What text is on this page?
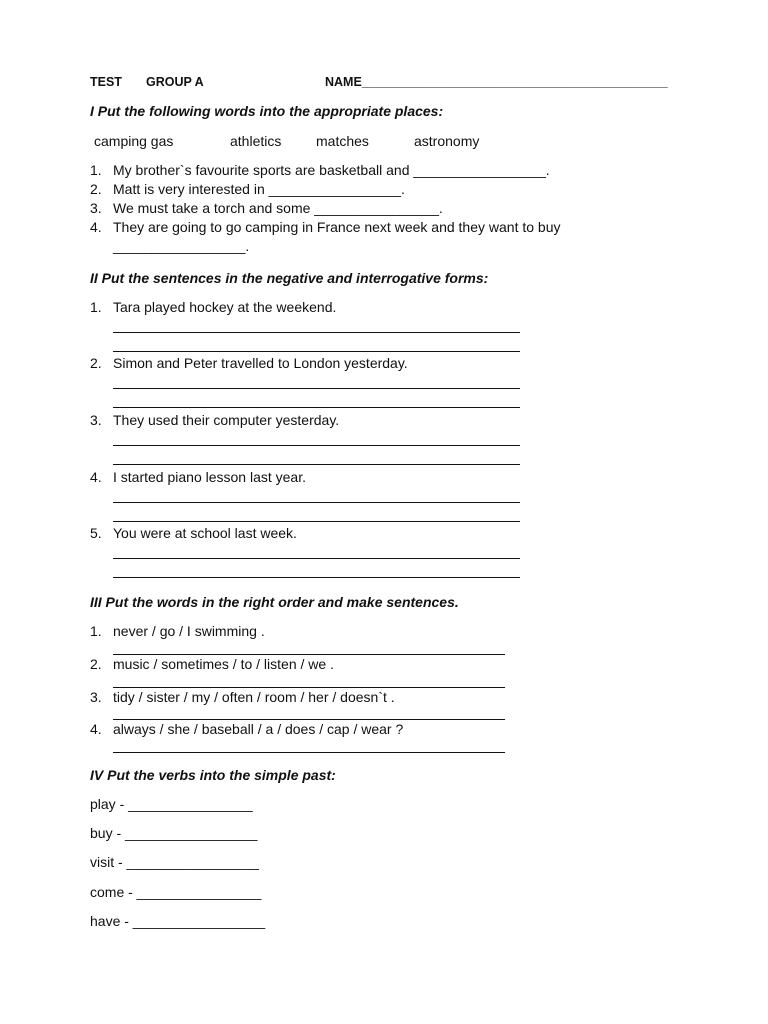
TEST GROUP A	NAME____________________________________________
I Put the following words into the appropriate places:
camping gas	athletics matches	astronomy
1. My brother`s favourite sports are basketball and _________________.
2. Matt is very interested in _________________.
3. We must take a torch and some ________________.
4. They are going to go camping in France next week and they want to buy
_________________.
II Put the sentences in the negative and interrogative forms:
1. Tara played hockey at the weekend.
2. Simon and Peter travelled to London yesterday.
3. They used their computer yesterday.
4. I started piano lesson last year.
5. You were at school last week.
III Put the words in the right order and make sentences.
1. never / go / I swimming .
2. music / sometimes / to / listen / we .
3. tidy / sister / my / often / room / her / doesn`t .
4. always / she / baseball / a / does / cap / wear ?
IV Put the verbs into the simple past:
play - ________________
buy - _________________
visit - _________________
come - ________________
have - _________________
